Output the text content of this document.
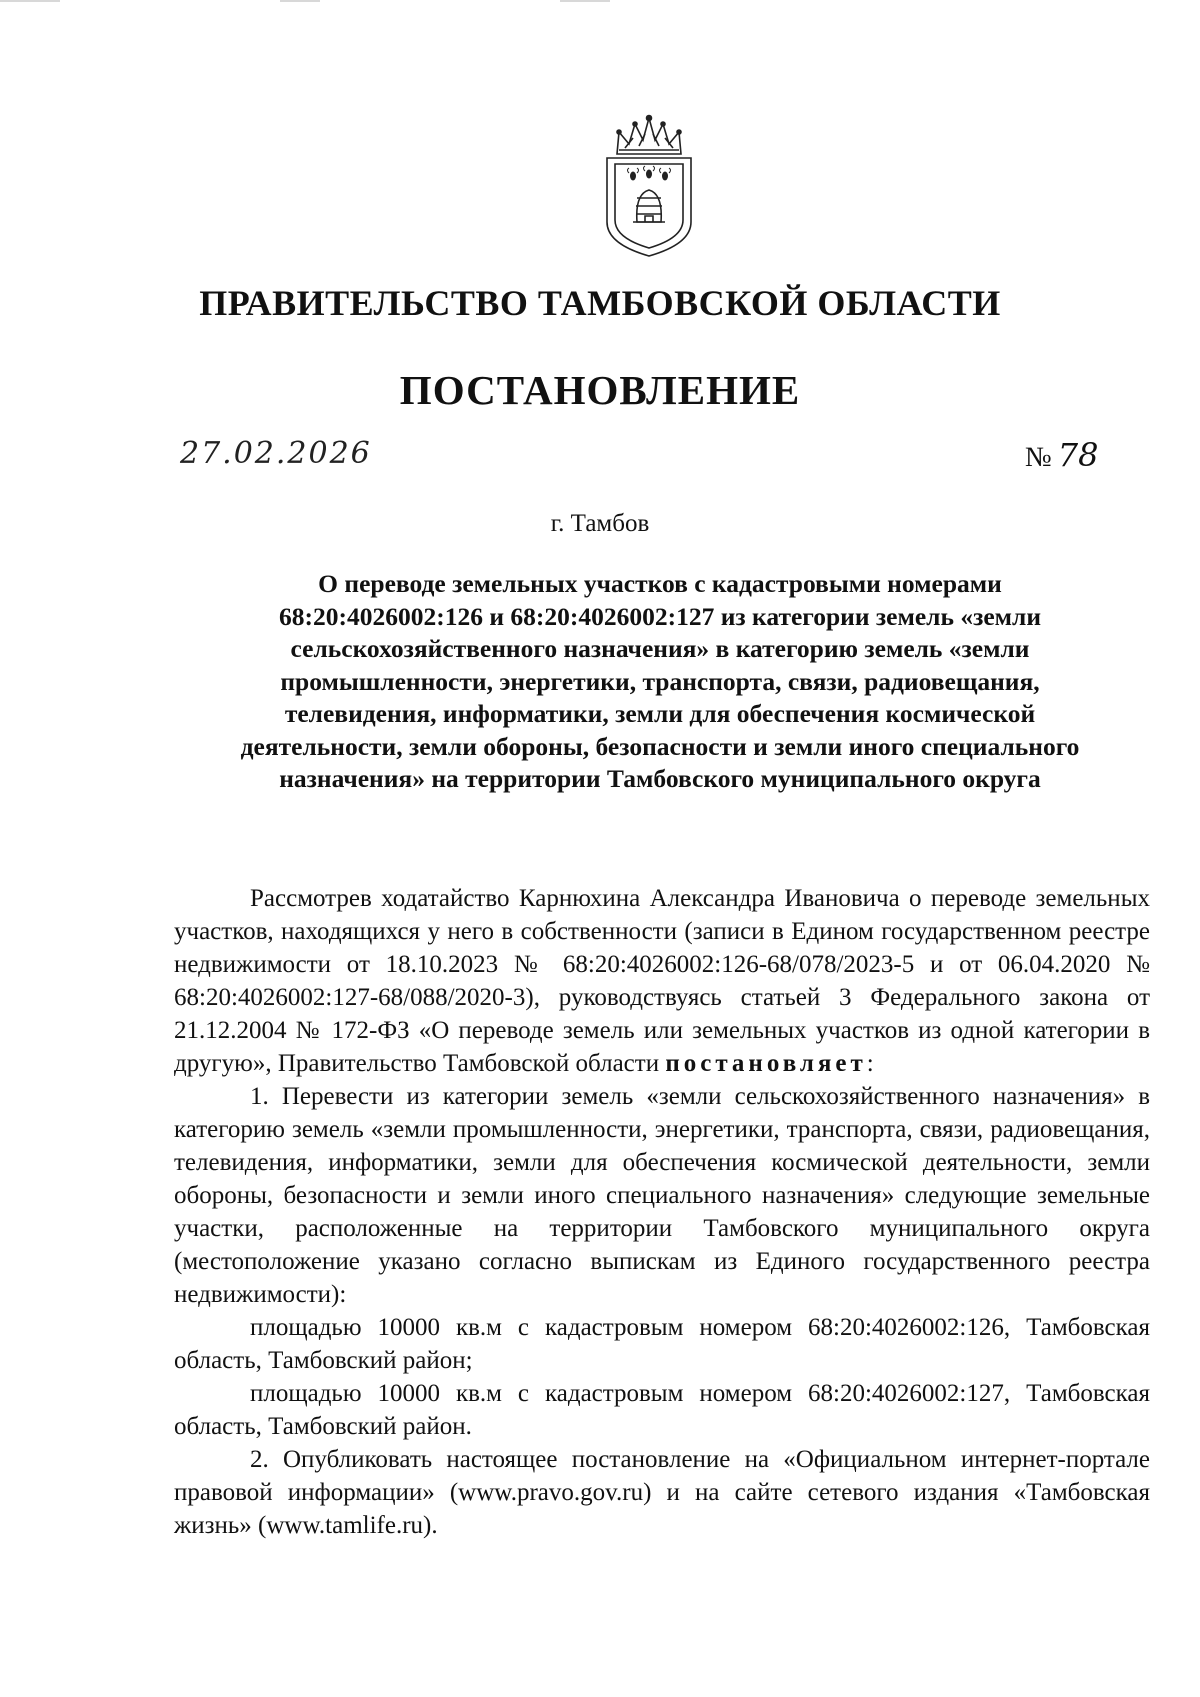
ПРАВИТЕЛЬСТВО ТАМБОВСКОЙ ОБЛАСТИ
ПОСТАНОВЛЕНИЕ
27.02.2026	№ 78
г. Тамбов
О переводе земельных участков с кадастровыми номерами
68:20:4026002:126 и 68:20:4026002:127 из категории земель «земли
сельскохозяйственного назначения» в категорию земель «земли
промышленности, энергетики, транспорта, связи, радиовещания,
телевидения, информатики, земли для обеспечения космической
деятельности, земли обороны, безопасности и земли иного специального
назначения» на территории Тамбовского муниципального округа

Рассмотрев ходатайство Карнюхина Александра Ивановича о переводе земельных участков, находящихся у него в собственности (записи в Едином государственном реестре недвижимости от 18.10.2023 № 68:20:4026002:126-68/078/2023-5 и от 06.04.2020 № 68:20:4026002:127-68/088/2020-3), руководствуясь статьей 3 Федерального закона от 21.12.2004 № 172-ФЗ «О переводе земель или земельных участков из одной категории в другую», Правительство Тамбовской области постановляет:

1. Перевести из категории земель «земли сельскохозяйственного назначения» в категорию земель «земли промышленности, энергетики, транспорта, связи, радиовещания, телевидения, информатики, земли для обеспечения космической деятельности, земли обороны, безопасности и земли иного специального назначения» следующие земельные участки, расположенные на территории Тамбовского муниципального округа (местоположение указано согласно выпискам из Единого государственного реестра недвижимости):

площадью 10000 кв.м с кадастровым номером 68:20:4026002:126, Тамбовская область, Тамбовский район;

площадью 10000 кв.м с кадастровым номером 68:20:4026002:127, Тамбовская область, Тамбовский район.

2. Опубликовать настоящее постановление на «Официальном интернет-портале правовой информации» (www.pravo.gov.ru) и на сайте сетевого издания «Тамбовская жизнь» (www.tamlife.ru).
